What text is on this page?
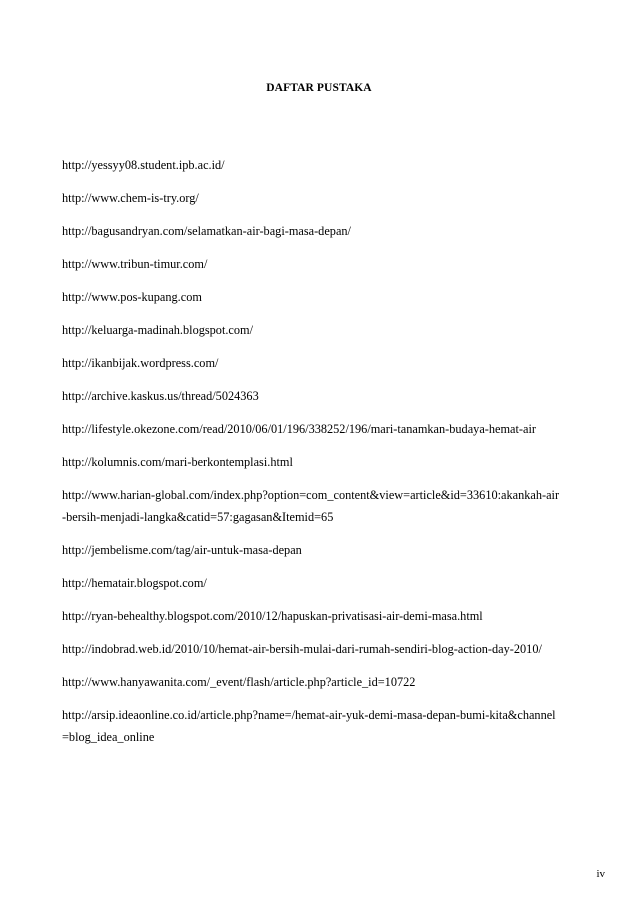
DAFTAR PUSTAKA
http://yessyy08.student.ipb.ac.id/
http://www.chem-is-try.org/
http://bagusandryan.com/selamatkan-air-bagi-masa-depan/
http://www.tribun-timur.com/
http://www.pos-kupang.com
http://keluarga-madinah.blogspot.com/
http://ikanbijak.wordpress.com/
http://archive.kaskus.us/thread/5024363
http://lifestyle.okezone.com/read/2010/06/01/196/338252/196/mari-tanamkan-budaya-hemat-air
http://kolumnis.com/mari-berkontemplasi.html
http://www.harian-global.com/index.php?option=com_content&view=article&id=33610:akankah-air-bersih-menjadi-langka&catid=57:gagasan&Itemid=65
http://jembelisme.com/tag/air-untuk-masa-depan
http://hematair.blogspot.com/
http://ryan-behealthy.blogspot.com/2010/12/hapuskan-privatisasi-air-demi-masa.html
http://indobrad.web.id/2010/10/hemat-air-bersih-mulai-dari-rumah-sendiri-blog-action-day-2010/
http://www.hanyawanita.com/_event/flash/article.php?article_id=10722
http://arsip.ideaonline.co.id/article.php?name=/hemat-air-yuk-demi-masa-depan-bumi-kita&channel=blog_idea_online
iv
